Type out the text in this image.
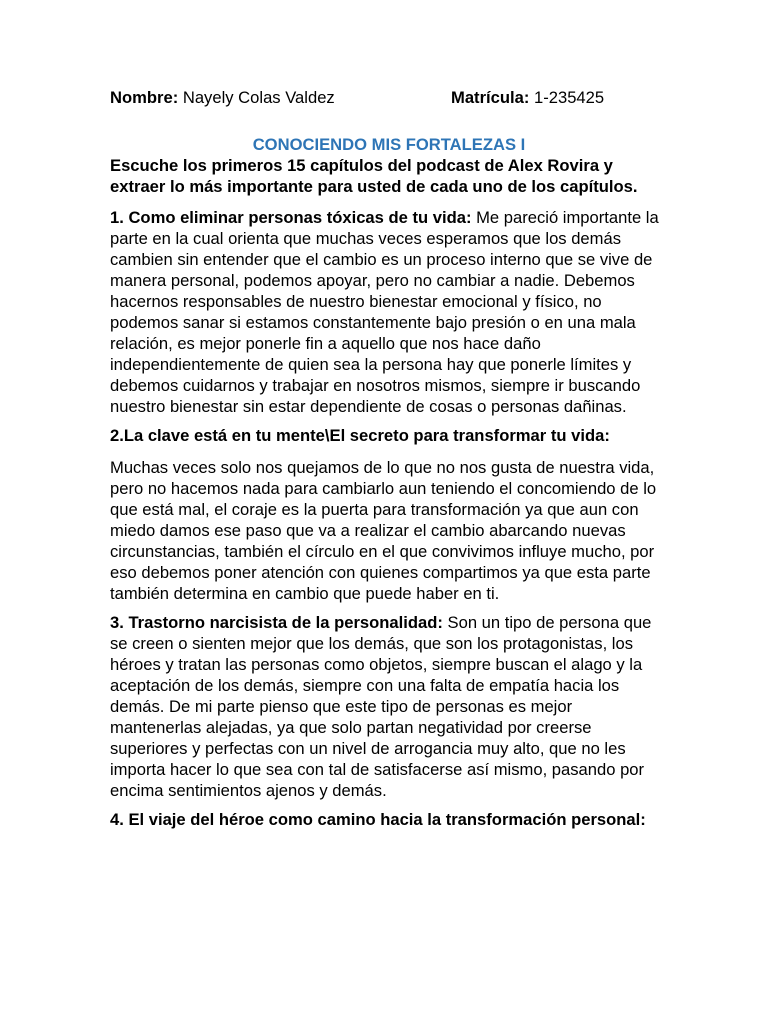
Nombre: Nayely Colas Valdez	Matrícula: 1-235425
CONOCIENDO MIS FORTALEZAS I

Escuche los primeros 15 capítulos del podcast de Alex Rovira y extraer lo más importante para usted de cada uno de los capítulos.

1. Como eliminar personas tóxicas de tu vida: Me pareció importante la parte en la cual orienta que muchas veces esperamos que los demás cambien sin entender que el cambio es un proceso interno que se vive de manera personal, podemos apoyar, pero no cambiar a nadie. Debemos hacernos responsables de nuestro bienestar emocional y físico, no podemos sanar si estamos constantemente bajo presión o en una mala relación, es mejor ponerle fin a aquello que nos hace daño independientemente de quien sea la persona hay que ponerle límites y debemos cuidarnos y trabajar en nosotros mismos, siempre ir buscando nuestro bienestar sin estar dependiente de cosas o personas dañinas.

2.La clave está en tu mente\El secreto para transformar tu vida:

Muchas veces solo nos quejamos de lo que no nos gusta de nuestra vida, pero no hacemos nada para cambiarlo aun teniendo el concomiendo de lo que está mal, el coraje es la puerta para transformación ya que aun con miedo damos ese paso que va a realizar el cambio abarcando nuevas circunstancias, también el círculo en el que convivimos influye mucho, por eso debemos poner atención con quienes compartimos ya que esta parte también determina en cambio que puede haber en ti.

3. Trastorno narcisista de la personalidad: Son un tipo de persona que se creen o sienten mejor que los demás, que son los protagonistas, los héroes y tratan las personas como objetos, siempre buscan el alago y la aceptación de los demás, siempre con una falta de empatía hacia los demás. De mi parte pienso que este tipo de personas es mejor mantenerlas alejadas, ya que solo partan negatividad por creerse superiores y perfectas con un nivel de arrogancia muy alto, que no les importa hacer lo que sea con tal de satisfacerse así mismo, pasando por encima sentimientos ajenos y demás.

4. El viaje del héroe como camino hacia la transformación personal:
